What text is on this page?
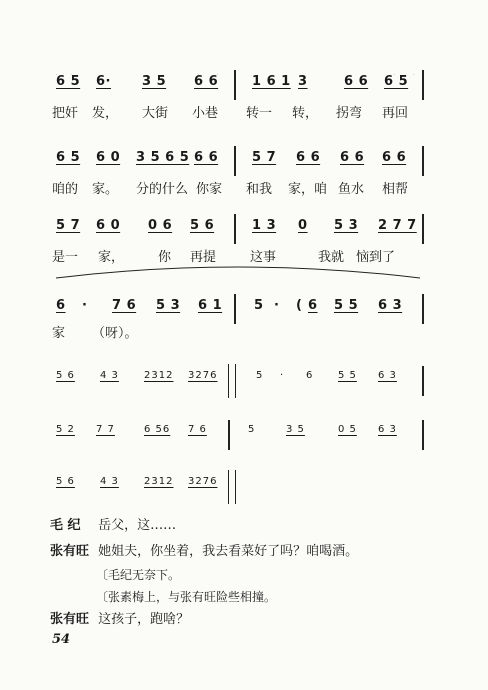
6 5 6· 3 5 6 6	1 6 1 3	6 6 6 5
把奸 发， 大街 小巷 转一 转， 拐弯 再回
6 5 6 0 3 5 6 5 6 6	5 7 6 6 6 6 6 6
咱的 家。 分的什么 你家 和我 家，咱 鱼水 相帮
5 7 6 0 0 6 5 6	1 3 0 5 3 2 7 7
是一 家，	你 再提	这事	我就 恼到了
6 · 7 6 5 3 6 1 5 · ( 6 5 5 6 3
家 （呀）。
5 6	4 3	2312 3276	5 · 6 5 5 6 3
5 2 7 7	6 56 7 6	5	3 5	0 5 6 3
5 6	4 3	2312 3276
毛 纪 岳父，这……
张有旺 她姐夫，你坐着，我去看菜好了吗？咱喝酒。
〔毛纪无奈下。
〔张素梅上，与张有旺险些相撞。
张有旺 这孩子，跑啥？
54
